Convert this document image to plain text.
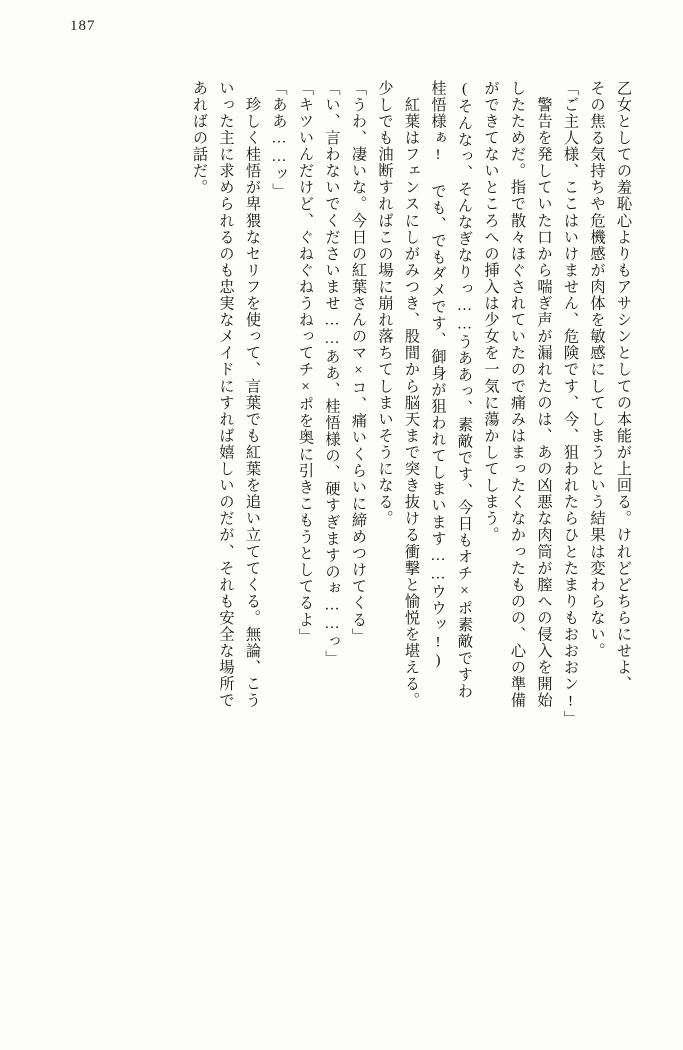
187
乙女としての羞恥心よりもアサシンとしての本能が上回る。けれどどちらにせよ、
その焦る気持ちや危機感が肉体を敏感にしてしまうという結果は変わらない。
「ご主人様、ここはいけません、危険です、今、狙われたらひとたまりもおおおン!」
　警告を発していた口から喘ぎ声が漏れたのは、あの凶悪な肉筒が膣への侵入を開始
したためだ。指で散々ほぐされていたので痛みはまったくなかったものの、心の準備
ができてないところへの挿入は少女を一気に蕩かしてしまう。
(そんなっ、そんなぎなりっ……うああっ、素敵です、今日もオチ×ポ素敵ですわ
桂悟様ぁ! でも、でもダメです、御身が狙われてしまいます……ウウッ!)
　紅葉はフェンスにしがみつき、股間から脳天まで突き抜ける衝撃と愉悦を堪える。
少しでも油断すればこの場に崩れ落ちてしまいそうになる。
「うわ、凄いな。今日の紅葉さんのマ×コ、痛いくらいに締めつけてくる」
「い、言わないでくださいませ……ああ、桂悟様の、硬すぎますのぉ……っ」
「キツいんだけど、ぐねぐねうねってチ×ポを奥に引きこもうとしてるよ」
「ああ……ッ」
　珍しく桂悟が卑猥なセリフを使って、言葉でも紅葉を追い立ててくる。無論、こう
いった主に求められるのも忠実なメイドにすれば嬉しいのだが、それも安全な場所で
あればの話だ。
